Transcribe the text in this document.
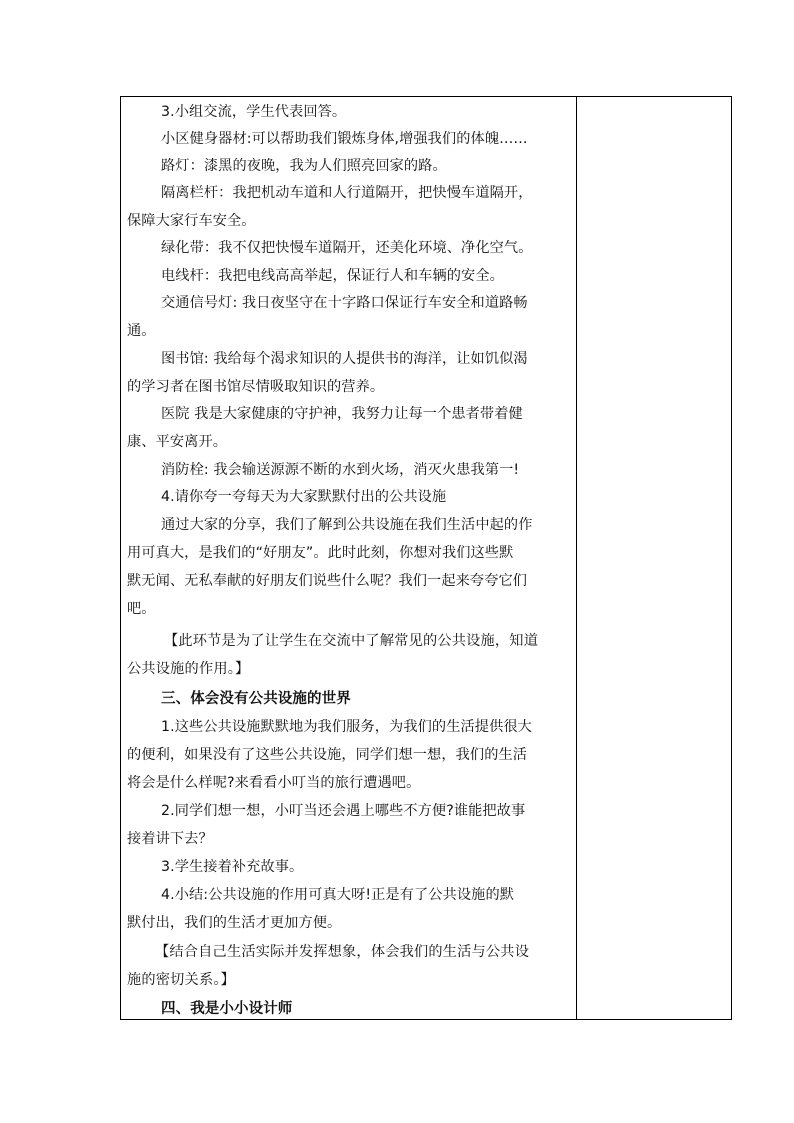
3.小组交流，学生代表回答。
小区健身器材:可以帮助我们锻炼身体,增强我们的体魄……
路灯：漆黑的夜晚，我为人们照亮回家的路。
隔离栏杆：我把机动车道和人行道隔开，把快慢车道隔开，
保障大家行车安全。
绿化带：我不仅把快慢车道隔开，还美化环境、净化空气。
电线杆：我把电线高高举起，保证行人和车辆的安全。
交通信号灯: 我日夜坚守在十字路口保证行车安全和道路畅
通。
图书馆: 我给每个渴求知识的人提供书的海洋，让如饥似渴
的学习者在图书馆尽情吸取知识的营养。
医院 我是大家健康的守护神，我努力让每一个患者带着健
康、平安离开。
消防栓: 我会输送源源不断的水到火场，消灭火患我第一!
4.请你夸一夸每天为大家默默付出的公共设施
通过大家的分享，我们了解到公共设施在我们生活中起的作
用可真大，是我们的“好朋友”。此时此刻，你想对我们这些默
默无闻、无私奉献的好朋友们说些什么呢？我们一起来夸夸它们
吧。
【此环节是为了让学生在交流中了解常见的公共设施，知道
公共设施的作用。】
三、体会没有公共设施的世界
1.这些公共设施默默地为我们服务，为我们的生活提供很大
的便利，如果没有了这些公共设施，同学们想一想，我们的生活
将会是什么样呢?来看看小叮当的旅行遭遇吧。
2.同学们想一想，小叮当还会遇上哪些不方便?谁能把故事
接着讲下去？
3.学生接着补充故事。
4.小结:公共设施的作用可真大呀!正是有了公共设施的默
默付出，我们的生活才更加方便。
【结合自己生活实际并发挥想象，体会我们的生活与公共设
施的密切关系。】
四、我是小小设计师
